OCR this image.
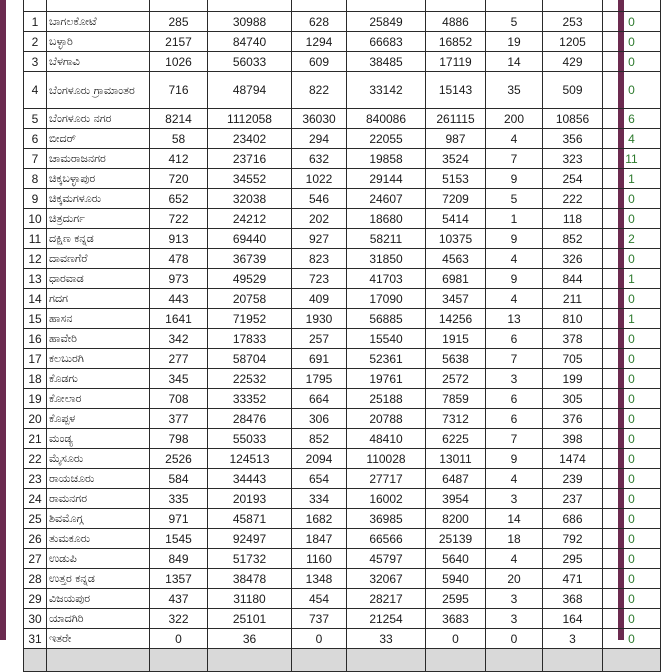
1	ಬಾಗಲಕೋಟೆ	285	30988	628	25849	4886	5	253	0
2	ಬಳ್ಳಾರಿ	2157	84740	1294	66683	16852	19	1205	0
3	ಬೆಳಗಾವಿ	1026	56033	609	38485	17119	14	429	0
4	ಬೆಂಗಳೂರು ಗ್ರಾಮಾಂತರ	716	48794	822	33142	15143	35	509	0
5	ಬೆಂಗಳೂರು ನಗರ	8214	1112058	36030	840086	261115	200	10856	6
6	ಬೀದರ್	58	23402	294	22055	987	4	356	4
7	ಚಾಮರಾಜನಗರ	412	23716	632	19858	3524	7	323	11
8	ಚಿಕ್ಕಬಳ್ಳಾಪುರ	720	34552	1022	29144	5153	9	254	1
9	ಚಿಕ್ಕಮಗಳೂರು	652	32038	546	24607	7209	5	222	0
10	ಚಿತ್ರದುರ್ಗ	722	24212	202	18680	5414	1	118	0
11	ದಕ್ಷಿಣ ಕನ್ನಡ	913	69440	927	58211	10375	9	852	2
12	ದಾವಣಗೆರೆ	478	36739	823	31850	4563	4	326	0
13	ಧಾರವಾಡ	973	49529	723	41703	6981	9	844	1
14	ಗದಗ	443	20758	409	17090	3457	4	211	0
15	ಹಾಸನ	1641	71952	1930	56885	14256	13	810	1
16	ಹಾವೇರಿ	342	17833	257	15540	1915	6	378	0
17	ಕಲಬುರಗಿ	277	58704	691	52361	5638	7	705	0
18	ಕೊಡಗು	345	22532	1795	19761	2572	3	199	0
19	ಕೋಲಾರ	708	33352	664	25188	7859	6	305	0
20	ಕೊಪ್ಪಳ	377	28476	306	20788	7312	6	376	0
21	ಮಂಡ್ಯ	798	55033	852	48410	6225	7	398	0
22	ಮೈಸೂರು	2526	124513	2094	110028	13011	9	1474	0
23	ರಾಯಚೂರು	584	34443	654	27717	6487	4	239	0
24	ರಾಮನಗರ	335	20193	334	16002	3954	3	237	0
25	ಶಿವಮೊಗ್ಗ	971	45871	1682	36985	8200	14	686	0
26	ತುಮಕೂರು	1545	92497	1847	66566	25139	18	792	0
27	ಉಡುಪಿ	849	51732	1160	45797	5640	4	295	0
28	ಉತ್ತರ ಕನ್ನಡ	1357	38478	1348	32067	5940	20	471	0
29	ವಿಜಯಪುರ	437	31180	454	28217	2595	3	368	0
30	ಯಾದಗಿರಿ	322	25101	737	21254	3683	3	164	0
31	ಇತರೇ	0	36	0	33	0	0	3	0
